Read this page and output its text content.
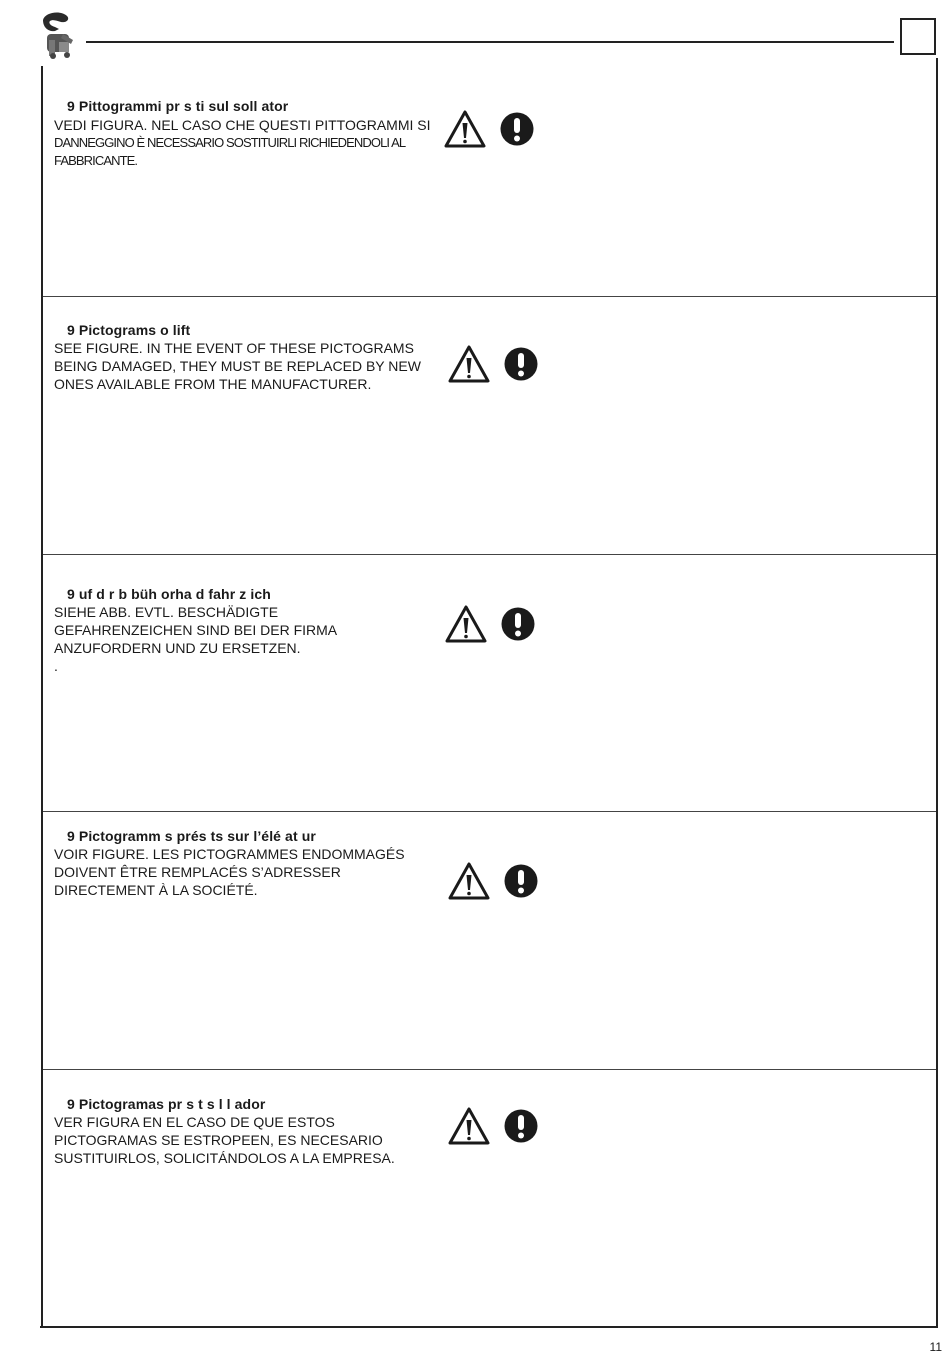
9 Pittogrammi pr s ti sul soll ator
VEDI FIGURA. NEL CASO CHE QUESTI PITTOGRAMMI SI
DANNEGGINO È NECESSARIO SOSTITUIRLI RICHIEDENDOLI AL
FABBRICANTE.
9 Pictograms o lift
SEE FIGURE. IN THE EVENT OF THESE PICTOGRAMS
BEING DAMAGED, THEY MUST BE REPLACED BY NEW
ONES AVAILABLE FROM THE MANUFACTURER.
9 uf d r b büh orha d fahr z ich
SIEHE ABB. EVTL. BESCHÄDIGTE
GEFAHRENZEICHEN SIND BEI DER FIRMA
ANZUFORDERN UND ZU ERSETZEN.
.
9 Pictogramm s prés ts sur l’élé at ur
VOIR FIGURE. LES PICTOGRAMMES ENDOMMAGÉS
DOIVENT ÊTRE REMPLACÉS S’ADRESSER
DIRECTEMENT À LA SOCIÉTÉ.
9 Pictogramas pr s t s l l ador
VER FIGURA EN EL CASO DE QUE ESTOS
PICTOGRAMAS SE ESTROPEEN, ES NECESARIO
SUSTITUIRLOS, SOLICITÁNDOLOS A LA EMPRESA.
11
